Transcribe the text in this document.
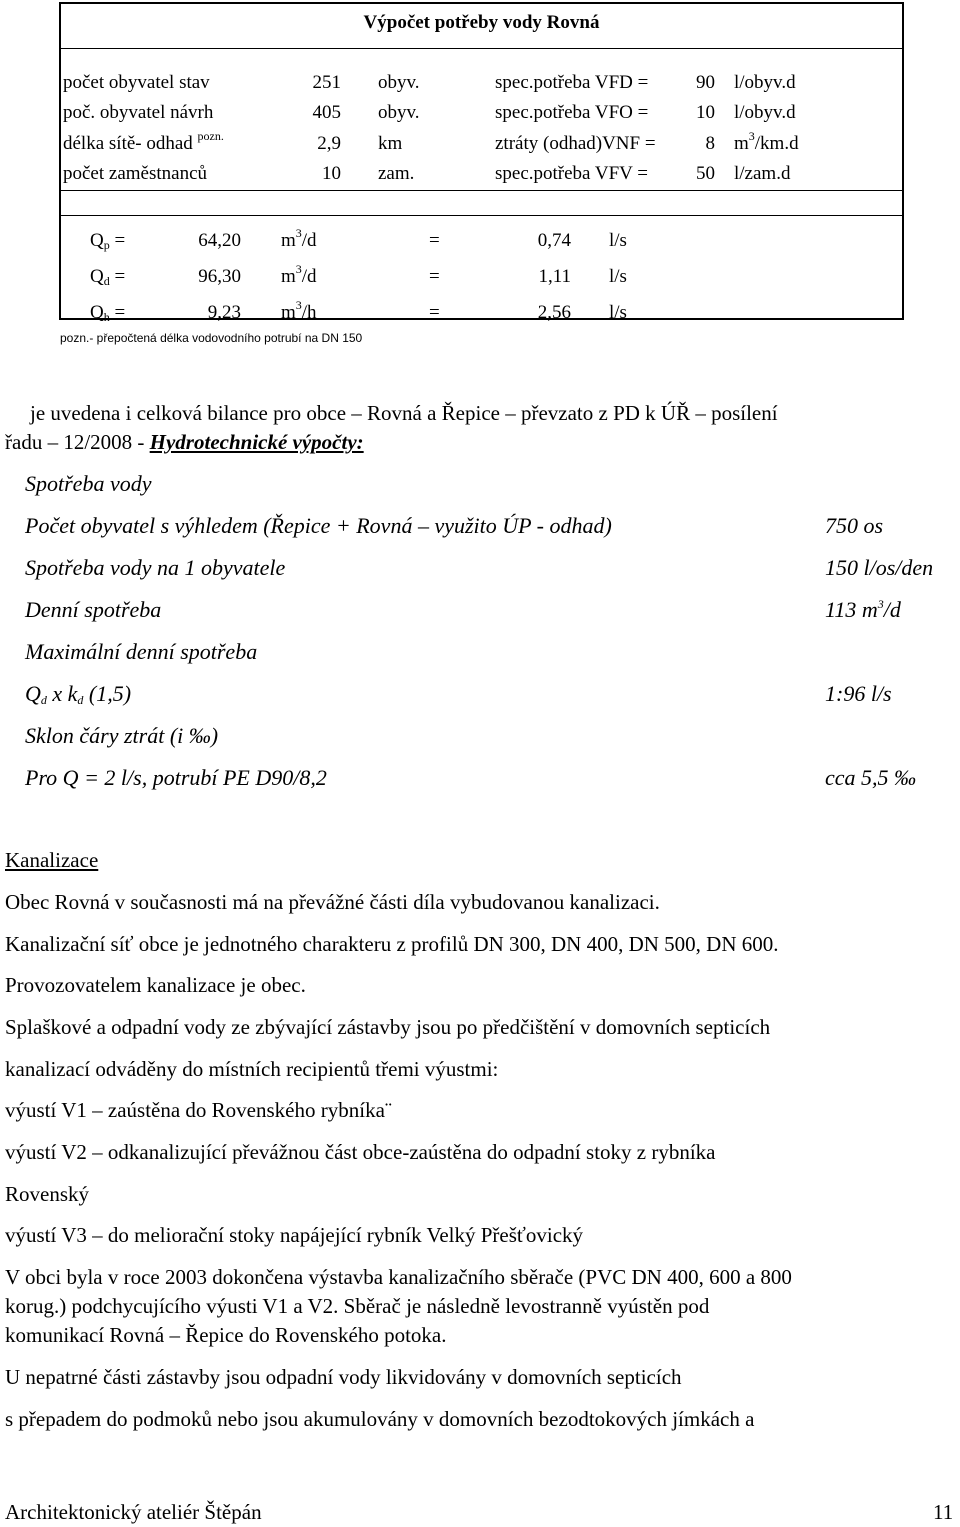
Výpočet potřeby vody Rovná
počet obyvatel stav	251 obyv.	spec.potřeba VFD =	90 l/obyv.d
poč. obyvatel návrh	405 obyv.	spec.potřeba VFO =	10 l/obyv.d
délka sítě- odhad $^{pozn.}$	2,9 km	ztráty (odhad)VNF =	8 $m^3/km.d$
počet zaměstnanců	10 zam.	spec.potřeba VFV =	50 l/zam.d
$Q_p$ =	64,20 $m^3/d$	=	0,74 l/s
$Q_d$ =	96,30 $m^3/d$	=	1,11 l/s
$Q_h$ =	9,23 $m^3/h$	=	2,56 l/s
pozn.- přepočtená délka vodovodního potrubí na DN 150
je uvedena i celková bilance pro obce – Rovná a Řepice – převzato z PD k ÚŘ – posílení
řadu – 12/2008 - Hydrotechnické výpočty:
Spotřeba vody
Počet obyvatel s výhledem (Řepice + Rovná – využito ÚP - odhad)	750 os
Spotřeba vody na 1 obyvatele	150 l/os/den
Denní spotřeba	113 $m^3/d$
Maximální denní spotřeba
$Q_d$ x $k_d$ (1,5)	1:96 l/s
Sklon čáry ztrát (i ‰)
Pro Q = 2 l/s, potrubí PE D90/8,2	cca 5,5 ‰
Kanalizace
Obec Rovná v současnosti má na převážné části díla vybudovanou kanalizaci.
Kanalizační síť obce je jednotného charakteru z profilů DN 300, DN 400, DN 500, DN 600.
Provozovatelem kanalizace je obec.
Splaškové a odpadní vody ze zbývající zástavby jsou po předčištění v domovních septicích
kanalizací odváděny do místních recipientů třemi výustmi:
výustí V1 – zaústěna do Rovenského rybníka¨
výustí V2 – odkanalizující převážnou část obce-zaústěna do odpadní stoky z rybníka
Rovenský
výustí V3 – do meliorační stoky napájející rybník Velký Přešťovický
V obci byla v roce 2003 dokončena výstavba kanalizačního sběrače (PVC DN 400, 600 a 800
korug.) podchycujícího výusti V1 a V2. Sběrač je následně levostranně vyústěn pod
komunikací Rovná – Řepice do Rovenského potoka.
U nepatrné části zástavby jsou odpadní vody likvidovány v domovních septicích
s přepadem do podmoků nebo jsou akumulovány v domovních bezodtokových jímkách a
Architektonický ateliér Štěpán	11
